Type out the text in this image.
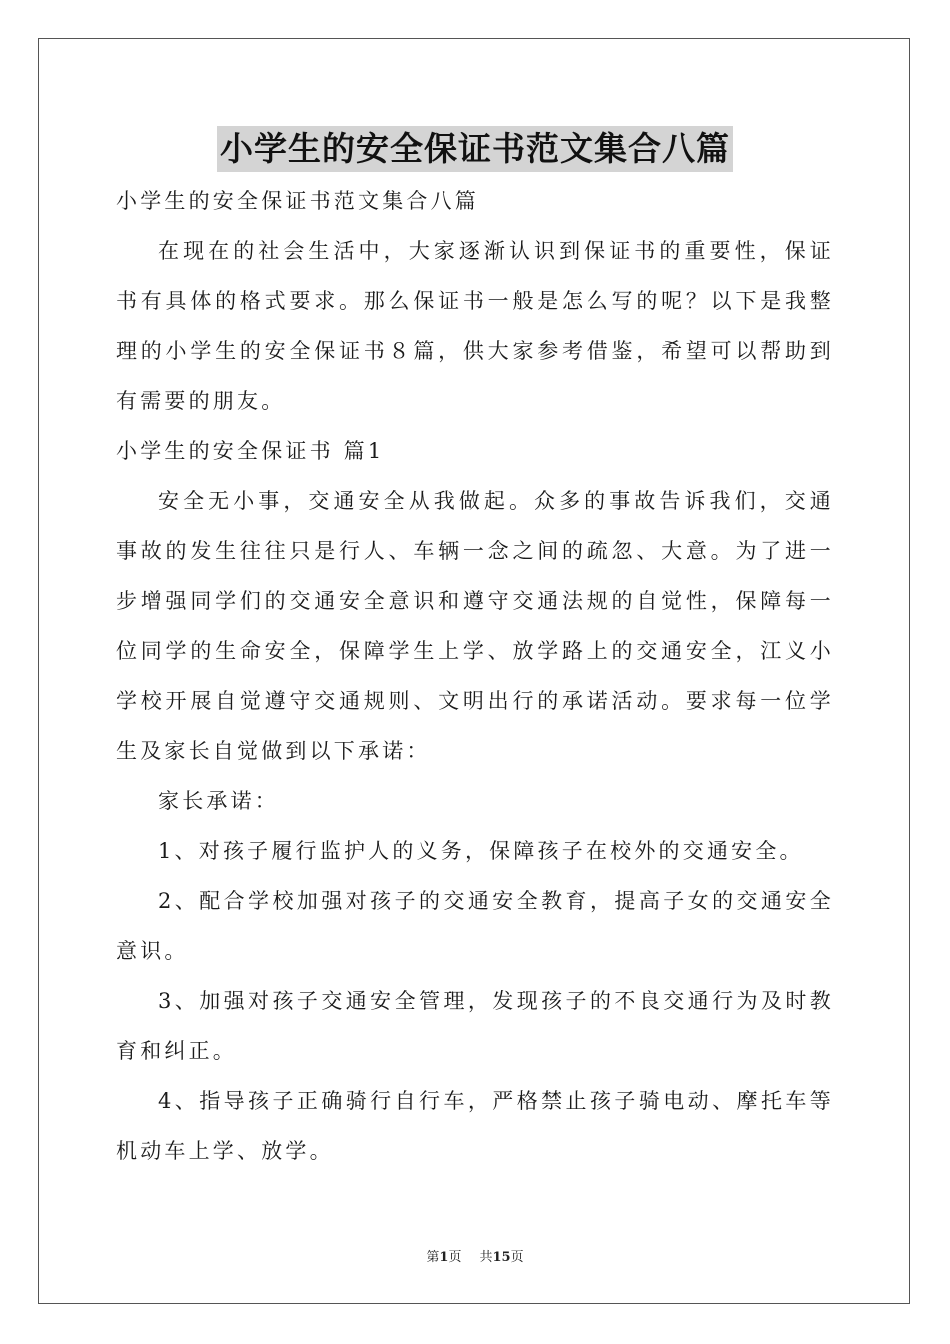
小学生的安全保证书范文集合八篇

小学生的安全保证书范文集合八篇

在现在的社会生活中，大家逐渐认识到保证书的重要性，保证书有具体的格式要求。那么保证书一般是怎么写的呢？以下是我整理的小学生的安全保证书８篇，供大家参考借鉴，希望可以帮助到有需要的朋友。

小学生的安全保证书 篇1

安全无小事，交通安全从我做起。众多的事故告诉我们，交通事故的发生往往只是行人、车辆一念之间的疏忽、大意。为了进一步增强同学们的交通安全意识和遵守交通法规的自觉性，保障每一位同学的生命安全，保障学生上学、放学路上的交通安全，江义小学校开展自觉遵守交通规则、文明出行的承诺活动。要求每一位学生及家长自觉做到以下承诺：

家长承诺：

1、对孩子履行监护人的义务，保障孩子在校外的交通安全。

2、配合学校加强对孩子的交通安全教育，提高子女的交通安全意识。

3、加强对孩子交通安全管理，发现孩子的不良交通行为及时教育和纠正。

4、指导孩子正确骑行自行车，严格禁止孩子骑电动、摩托车等机动车上学、放学。

第1页 共15页
